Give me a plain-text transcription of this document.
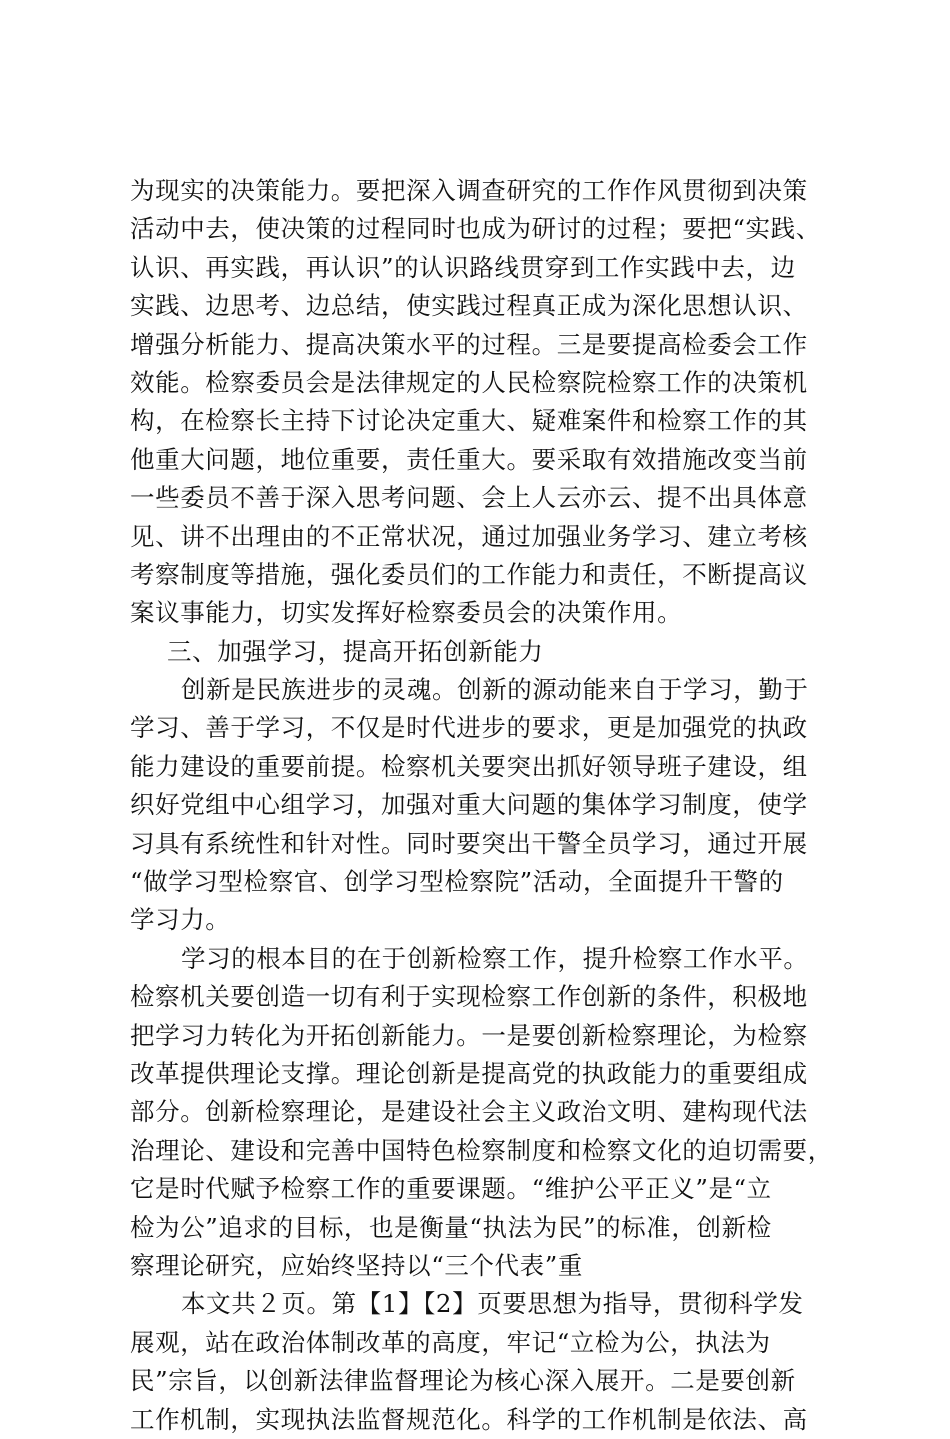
为现实的决策能力。要把深入调查研究的工作作风贯彻到决策
活动中去，使决策的过程同时也成为研讨的过程；要把“实践、
认识、再实践，再认识”的认识路线贯穿到工作实践中去，边
实践、边思考、边总结，使实践过程真正成为深化思想认识、
增强分析能力、提高决策水平的过程。三是要提高检委会工作
效能。检察委员会是法律规定的人民检察院检察工作的决策机
构，在检察长主持下讨论决定重大、疑难案件和检察工作的其
他重大问题，地位重要，责任重大。要采取有效措施改变当前
一些委员不善于深入思考问题、会上人云亦云、提不出具体意
见、讲不出理由的不正常状况，通过加强业务学习、建立考核
考察制度等措施，强化委员们的工作能力和责任，不断提高议
案议事能力，切实发挥好检察委员会的决策作用。
三、加强学习，提高开拓创新能力
创新是民族进步的灵魂。创新的源动能来自于学习，勤于
学习、善于学习，不仅是时代进步的要求，更是加强党的执政
能力建设的重要前提。检察机关要突出抓好领导班子建设，组
织好党组中心组学习，加强对重大问题的集体学习制度，使学
习具有系统性和针对性。同时要突出干警全员学习，通过开展
“做学习型检察官、创学习型检察院”活动，全面提升干警的
学习力。
学习的根本目的在于创新检察工作，提升检察工作水平。
检察机关要创造一切有利于实现检察工作创新的条件，积极地
把学习力转化为开拓创新能力。一是要创新检察理论，为检察
改革提供理论支撑。理论创新是提高党的执政能力的重要组成
部分。创新检察理论，是建设社会主义政治文明、建构现代法
治理论、建设和完善中国特色检察制度和检察文化的迫切需要，
它是时代赋予检察工作的重要课题。“维护公平正义”是“立
检为公”追求的目标，也是衡量“执法为民”的标准，创新检
察理论研究，应始终坚持以“三个代表”重
本文共２页。第【1】【2】页要思想为指导，贯彻科学发
展观，站在政治体制改革的高度，牢记“立检为公，执法为
民”宗旨，以创新法律监督理论为核心深入展开。二是要创新
工作机制，实现执法监督规范化。科学的工作机制是依法、高
